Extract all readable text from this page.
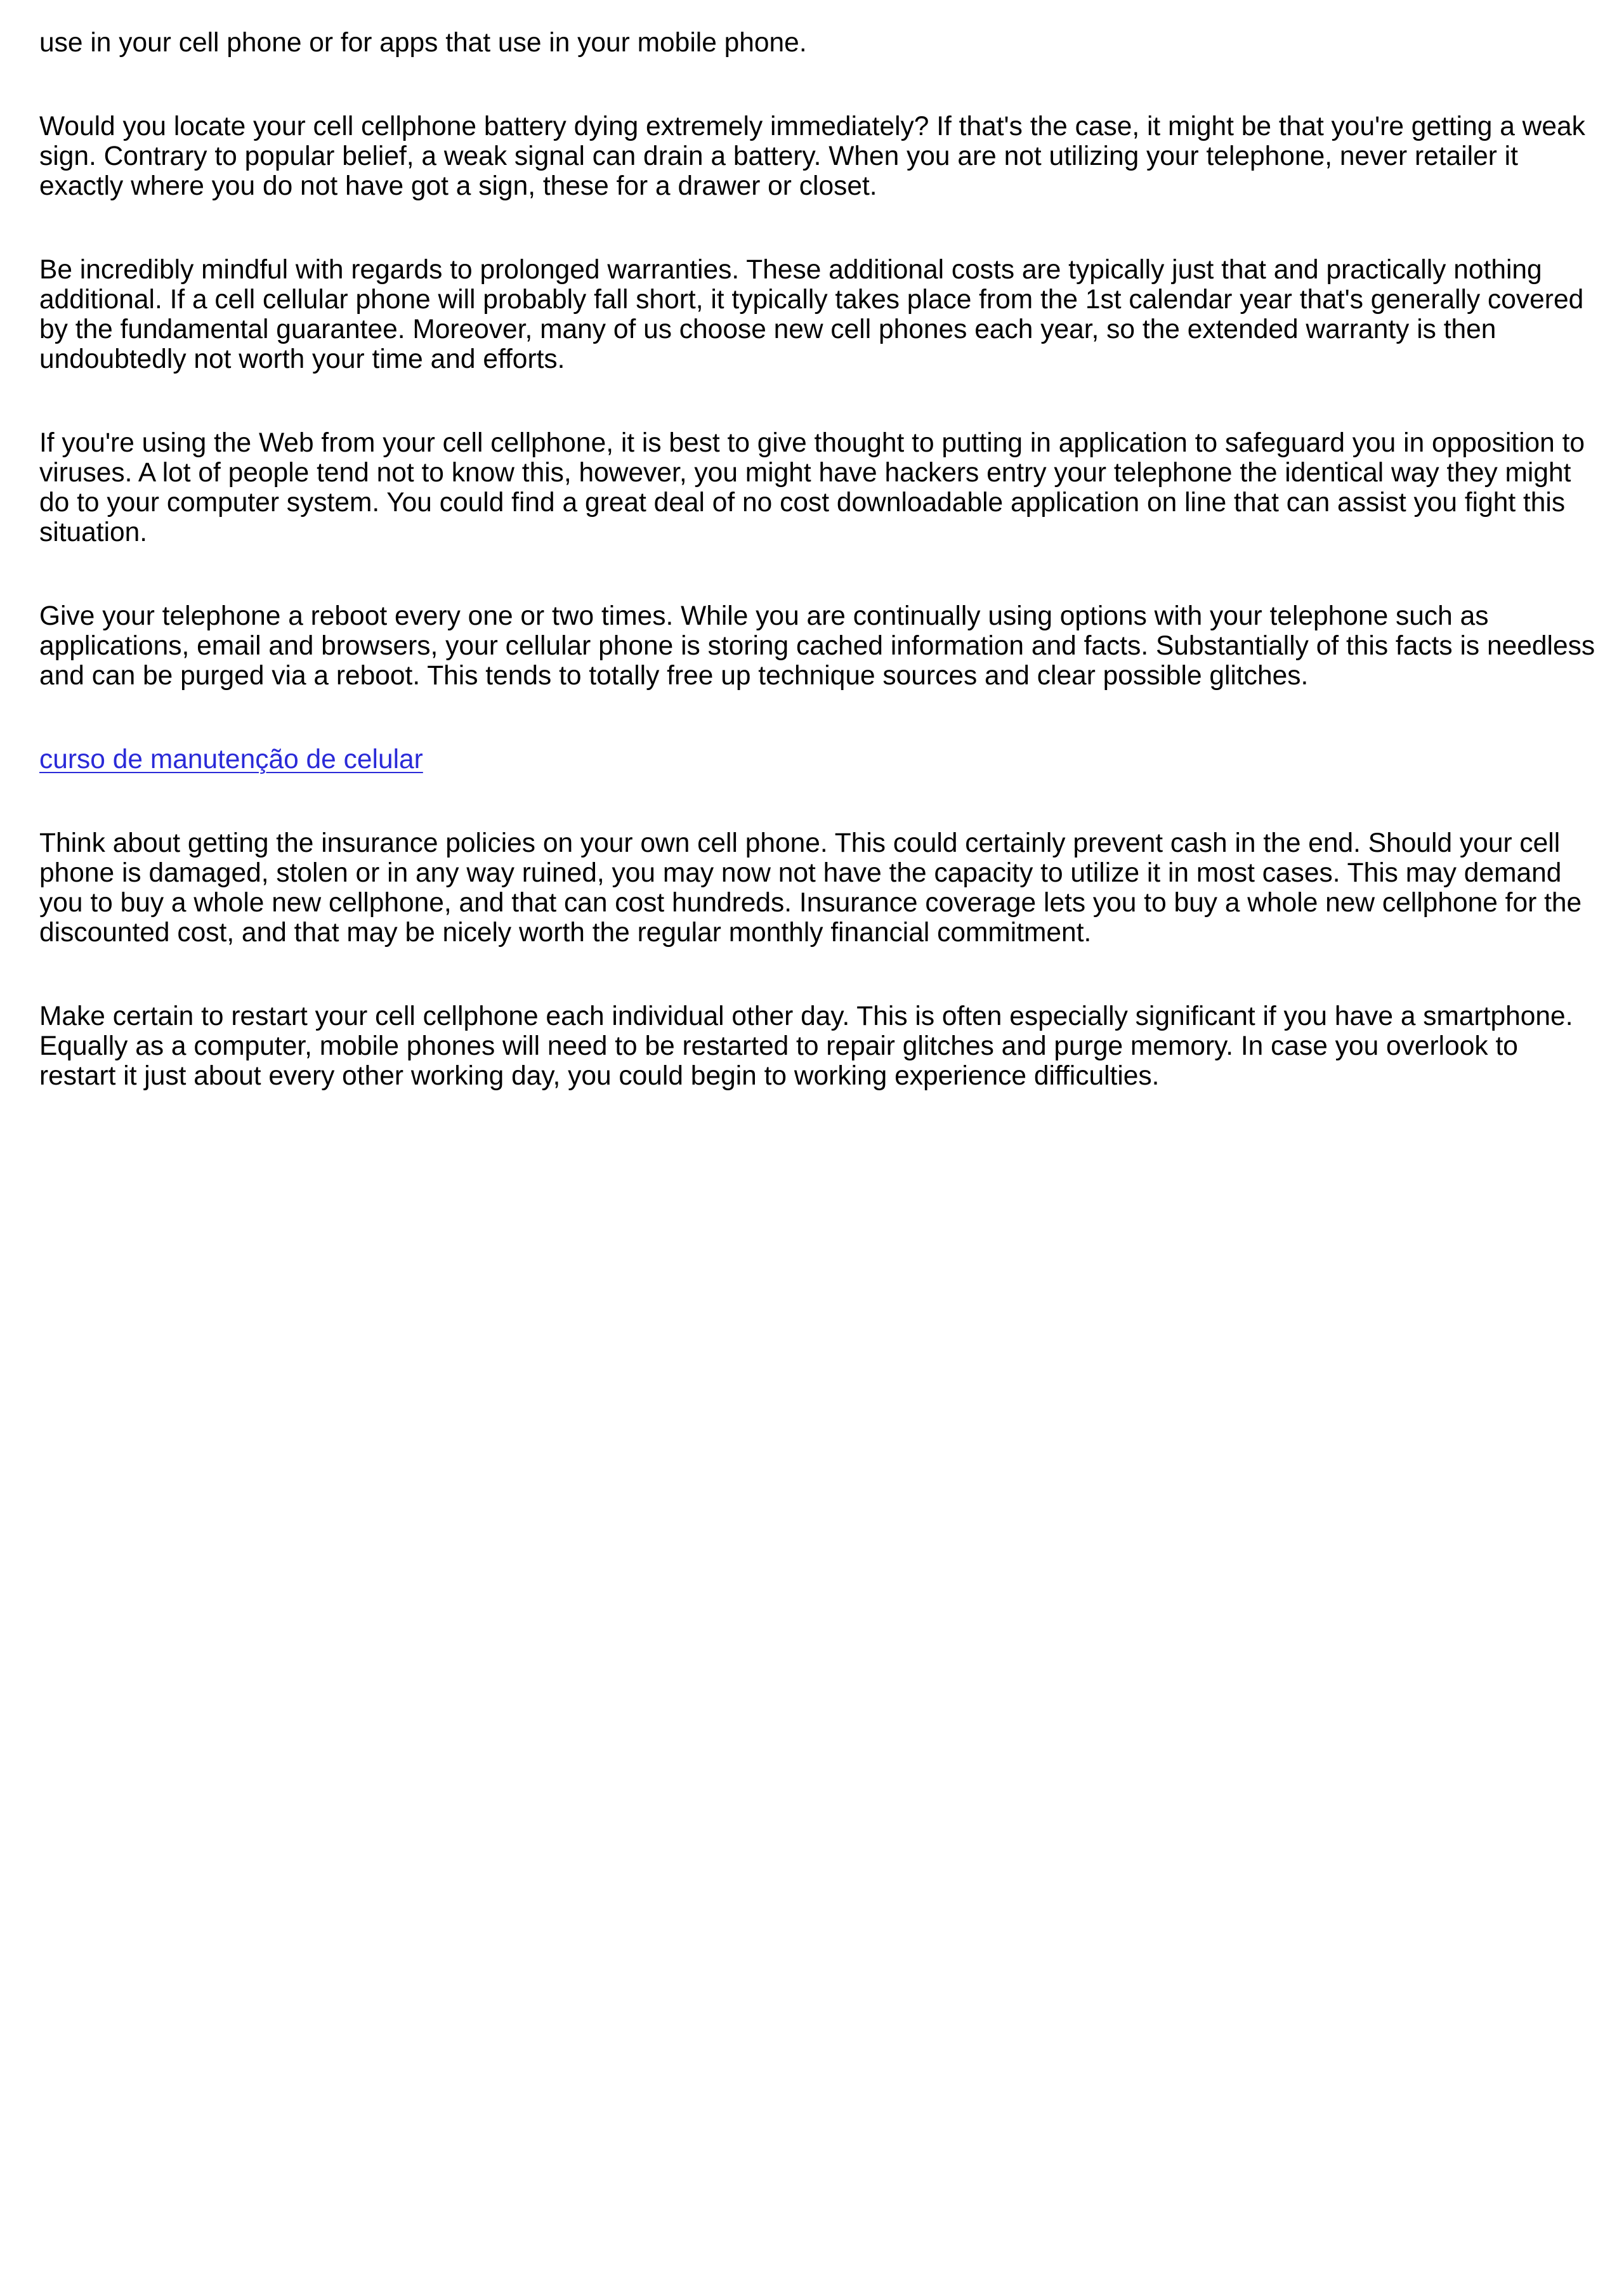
use in your cell phone or for apps that use in your mobile phone.

Would you locate your cell cellphone battery dying extremely immediately? If that's the case, it might be that you're getting a weak sign. Contrary to popular belief, a weak signal can drain a battery. When you are not utilizing your telephone, never retailer it exactly where you do not have got a sign, these for a drawer or closet.

Be incredibly mindful with regards to prolonged warranties. These additional costs are typically just that and practically nothing additional. If a cell cellular phone will probably fall short, it typically takes place from the 1st calendar year that's generally covered by the fundamental guarantee. Moreover, many of us choose new cell phones each year, so the extended warranty is then undoubtedly not worth your time and efforts.

If you're using the Web from your cell cellphone, it is best to give thought to putting in application to safeguard you in opposition to viruses. A lot of people tend not to know this, however, you might have hackers entry your telephone the identical way they might do to your computer system. You could find a great deal of no cost downloadable application on line that can assist you fight this situation.

Give your telephone a reboot every one or two times. While you are continually using options with your telephone such as applications, email and browsers, your cellular phone is storing cached information and facts. Substantially of this facts is needless and can be purged via a reboot. This tends to totally free up technique sources and clear possible glitches.

curso de manutenção de celular

Think about getting the insurance policies on your own cell phone. This could certainly prevent cash in the end. Should your cell phone is damaged, stolen or in any way ruined, you may now not have the capacity to utilize it in most cases. This may demand you to buy a whole new cellphone, and that can cost hundreds. Insurance coverage lets you to buy a whole new cellphone for the discounted cost, and that may be nicely worth the regular monthly financial commitment.

Make certain to restart your cell cellphone each individual other day. This is often especially significant if you have a smartphone. Equally as a computer, mobile phones will need to be restarted to repair glitches and purge memory. In case you overlook to restart it just about every other working day, you could begin to working experience difficulties.
